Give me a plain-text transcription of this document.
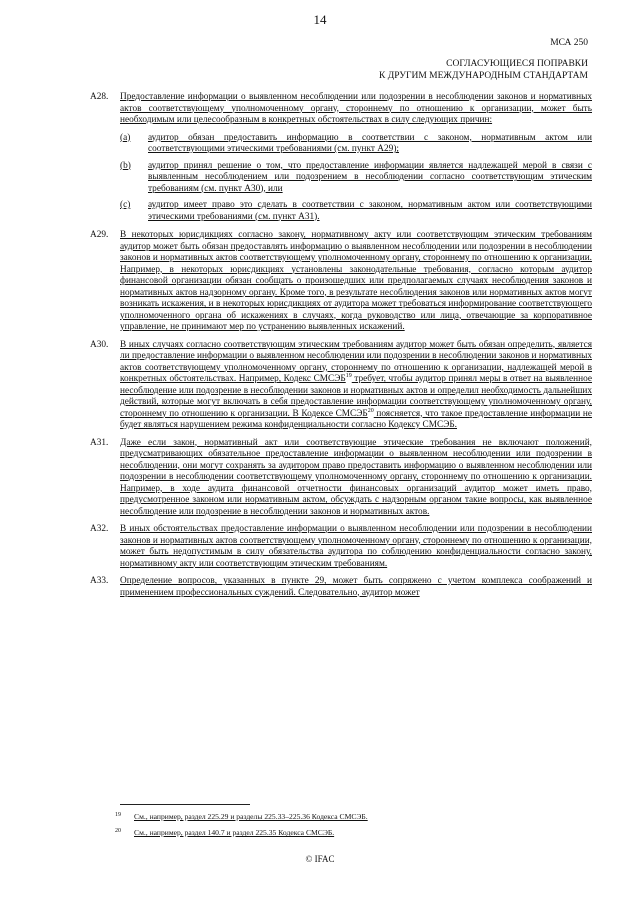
14
МСА 250
СОГЛАСУЮЩИЕСЯ ПОПРАВКИ
К ДРУГИМ МЕЖДУНАРОДНЫМ СТАНДАРТАМ
A28. Предоставление информации о выявленном несоблюдении или подозрении в несоблюдении законов и нормативных актов соответствующему уполномоченному органу, стороннему по отношению к организации, может быть необходимым или целесообразным в конкретных обстоятельствах в силу следующих причин:
(a) аудитор обязан предоставить информацию в соответствии с законом, нормативным актом или соответствующими этическими требованиями (см. пункт A29);
(b) аудитор принял решение о том, что предоставление информации является надлежащей мерой в связи с выявленным несоблюдением или подозрением в несоблюдении согласно соответствующим этическим требованиям (см. пункт A30), или
(c) аудитор имеет право это сделать в соответствии с законом, нормативным актом или соответствующими этическими требованиями (см. пункт A31).
A29. В некоторых юрисдикциях согласно закону, нормативному акту или соответствующим этическим требованиям аудитор может быть обязан предоставлять информацию о выявленном несоблюдении или подозрении в несоблюдении законов и нормативных актов соответствующему уполномоченному органу, стороннему по отношению к организации. Например, в некоторых юрисдикциях установлены законодательные требования, согласно которым аудитор финансовой организации обязан сообщать о произошедших или предполагаемых случаях несоблюдения законов и нормативных актов надзорному органу. Кроме того, в результате несоблюдения законов или нормативных актов могут возникать искажения, и в некоторых юрисдикциях от аудитора может требоваться информирование соответствующего уполномоченного органа об искажениях в случаях, когда руководство или лица, отвечающие за корпоративное управление, не принимают мер по устранению выявленных искажений.
A30. В иных случаях согласно соответствующим этическим требованиям аудитор может быть обязан определить, является ли предоставление информации о выявленном несоблюдении или подозрении в несоблюдении законов и нормативных актов соответствующему уполномоченному органу, стороннему по отношению к организации, надлежащей мерой в конкретных обстоятельствах. Например, Кодекс СМСЭБ$^{19}$ требует, чтобы аудитор принял меры в ответ на выявленное несоблюдение или подозрение в несоблюдении законов и нормативных актов и определил необходимость дальнейших действий, которые могут включать в себя предоставление информации соответствующему уполномоченному органу, стороннему по отношению к организации. В Кодексе СМСЭБ$^{20}$ поясняется, что такое предоставление информации не будет являться нарушением режима конфиденциальности согласно Кодексу СМСЭБ.
A31. Даже если закон, нормативный акт или соответствующие этические требования не включают положений, предусматривающих обязательное предоставление информации о выявленном несоблюдении или подозрении в несоблюдении, они могут сохранять за аудитором право предоставить информацию о выявленном несоблюдении или подозрении в несоблюдении соответствующему уполномоченному органу, стороннему по отношению к организации. Например, в ходе аудита финансовой отчетности финансовых организаций аудитор может иметь право, предусмотренное законом или нормативным актом, обсуждать с надзорным органом такие вопросы, как выявленное несоблюдение или подозрение в несоблюдении законов и нормативных актов.
A32. В иных обстоятельствах предоставление информации о выявленном несоблюдении или подозрении в несоблюдении законов и нормативных актов соответствующему уполномоченному органу, стороннему по отношению к организации, может быть недопустимым в силу обязательства аудитора по соблюдению конфиденциальности согласно закону, нормативному акту или соответствующим этическим требованиям.
A33. Определение вопросов, указанных в пункте 29, может быть сопряжено с учетом комплекса соображений и применением профессиональных суждений. Следовательно, аудитор может
19 См., например, раздел 225.29 и разделы 225.33–225.36 Кодекса СМСЭБ.
20 См., например, раздел 140.7 и раздел 225.35 Кодекса СМСЭБ.
© IFAC
